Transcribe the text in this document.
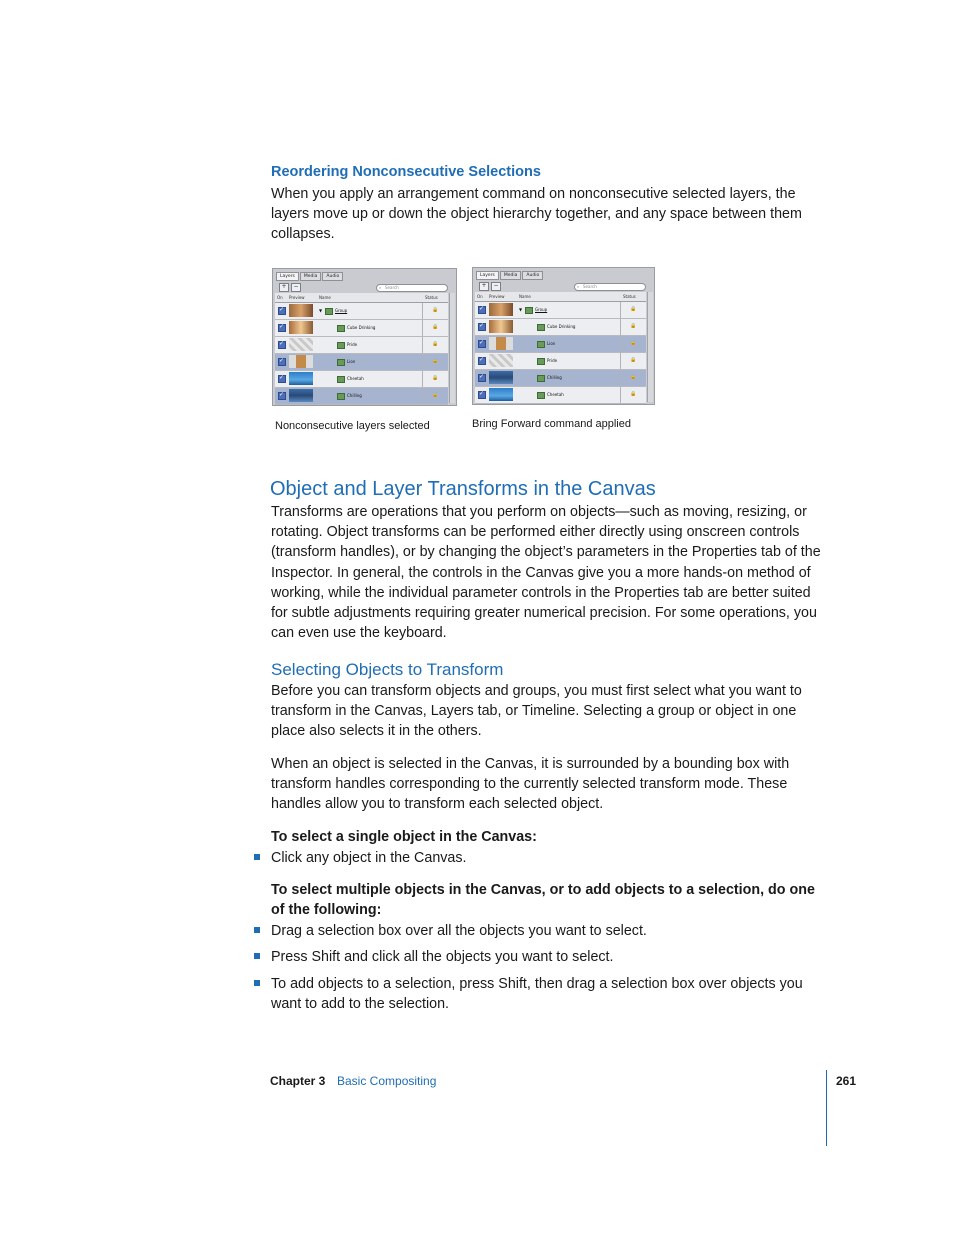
Reordering Nonconsecutive Selections
When you apply an arrangement command on nonconsecutive selected layers, the layers move up or down the object hierarchy together, and any space between them collapses.
Layers	Media	Audio
+	−	Search
⌕
On Preview	Name	Status
✓
▼	Group	🔒
✓
Cube Drinking	🔒
✓
Pride	🔒
✓
Lion	🔒
✓
Cheetah	🔒
✓
Chilling	🔒
Nonconsecutive layers selected
Layers	Media	Audio
+	−	Search
⌕
On Preview	Name	Status
✓
▼	Group	🔒
✓
Cube Drinking	🔒
✓
Lion	🔒
✓
Pride	🔒
✓
Chilling	🔒
✓
Cheetah	🔒
Bring Forward command applied
Object and Layer Transforms in the Canvas
Transforms are operations that you perform on objects—such as moving, resizing, or rotating. Object transforms can be performed either directly using onscreen controls (transform handles), or by changing the object’s parameters in the Properties tab of the Inspector. In general, the controls in the Canvas give you a more hands-on method of working, while the individual parameter controls in the Properties tab are better suited for subtle adjustments requiring greater numerical precision. For some operations, you can even use the keyboard.
Selecting Objects to Transform
Before you can transform objects and groups, you must first select what you want to transform in the Canvas, Layers tab, or Timeline. Selecting a group or object in one place also selects it in the others.
When an object is selected in the Canvas, it is surrounded by a bounding box with transform handles corresponding to the currently selected transform mode. These handles allow you to transform each selected object.
To select a single object in the Canvas:
Click any object in the Canvas.
To select multiple objects in the Canvas, or to add objects to a selection, do one of the following:
Drag a selection box over all the objects you want to select.
Press Shift and click all the objects you want to select.
To add objects to a selection, press Shift, then drag a selection box over objects you want to add to the selection.
Chapter 3 Basic Compositing	261
